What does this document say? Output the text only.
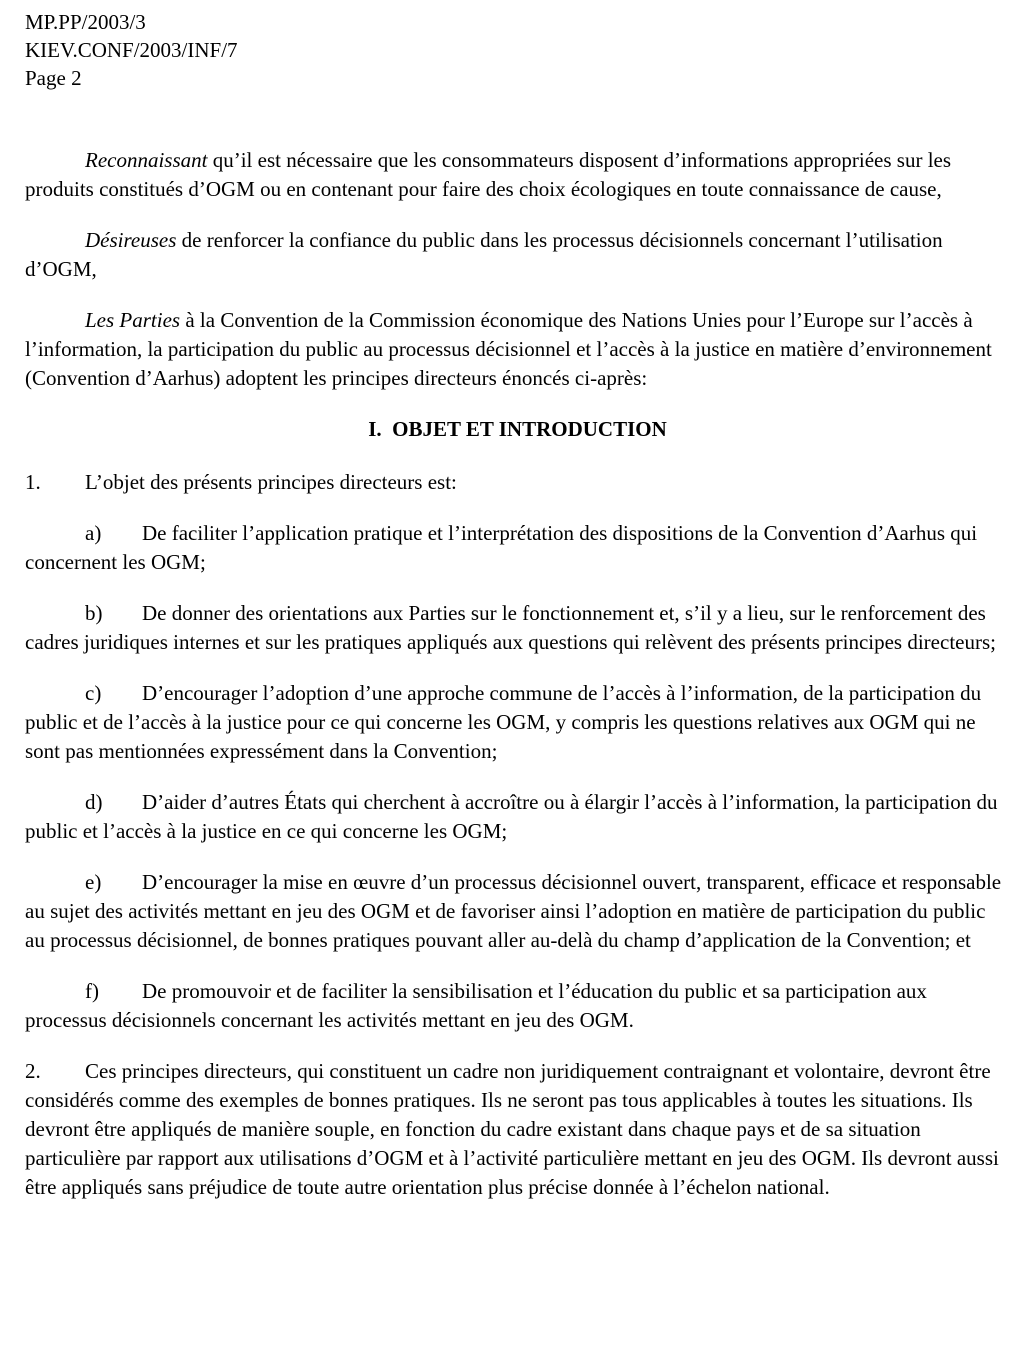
MP.PP/2003/3
KIEV.CONF/2003/INF/7
Page 2

Reconnaissant qu’il est nécessaire que les consommateurs disposent d’informations appropriées sur les produits constitués d’OGM ou en contenant pour faire des choix écologiques en toute connaissance de cause,

Désireuses de renforcer la confiance du public dans les processus décisionnels concernant l’utilisation d’OGM,

Les Parties à la Convention de la Commission économique des Nations Unies pour l’Europe sur l’accès à l’information, la participation du public au processus décisionnel et l’accès à la justice en matière d’environnement (Convention d’Aarhus) adoptent les principes directeurs énoncés ci-après:

I.  OBJET ET INTRODUCTION

1. L’objet des présents principes directeurs est:

a) De faciliter l’application pratique et l’interprétation des dispositions de la Convention d’Aarhus qui concernent les OGM;

b) De donner des orientations aux Parties sur le fonctionnement et, s’il y a lieu, sur le renforcement des cadres juridiques internes et sur les pratiques appliqués aux questions qui relèvent des présents principes directeurs;

c) D’encourager l’adoption d’une approche commune de l’accès à l’information, de la participation du public et de l’accès à la justice pour ce qui concerne les OGM, y compris les questions relatives aux OGM qui ne sont pas mentionnées expressément dans la Convention;

d) D’aider d’autres États qui cherchent à accroître ou à élargir l’accès à l’information, la participation du public et l’accès à la justice en ce qui concerne les OGM;

e) D’encourager la mise en œuvre d’un processus décisionnel ouvert, transparent, efficace et responsable au sujet des activités mettant en jeu des OGM et de favoriser ainsi l’adoption en matière de participation du public au processus décisionnel, de bonnes pratiques pouvant aller au-delà du champ d’application de la Convention; et

f) De promouvoir et de faciliter la sensibilisation et l’éducation du public et sa participation aux processus décisionnels concernant les activités mettant en jeu des OGM.

2. Ces principes directeurs, qui constituent un cadre non juridiquement contraignant et volontaire, devront être considérés comme des exemples de bonnes pratiques. Ils ne seront pas tous applicables à toutes les situations. Ils devront être appliqués de manière souple, en fonction du cadre existant dans chaque pays et de sa situation particulière par rapport aux utilisations d’OGM et à l’activité particulière mettant en jeu des OGM. Ils devront aussi être appliqués sans préjudice de toute autre orientation plus précise donnée à l’échelon national.
